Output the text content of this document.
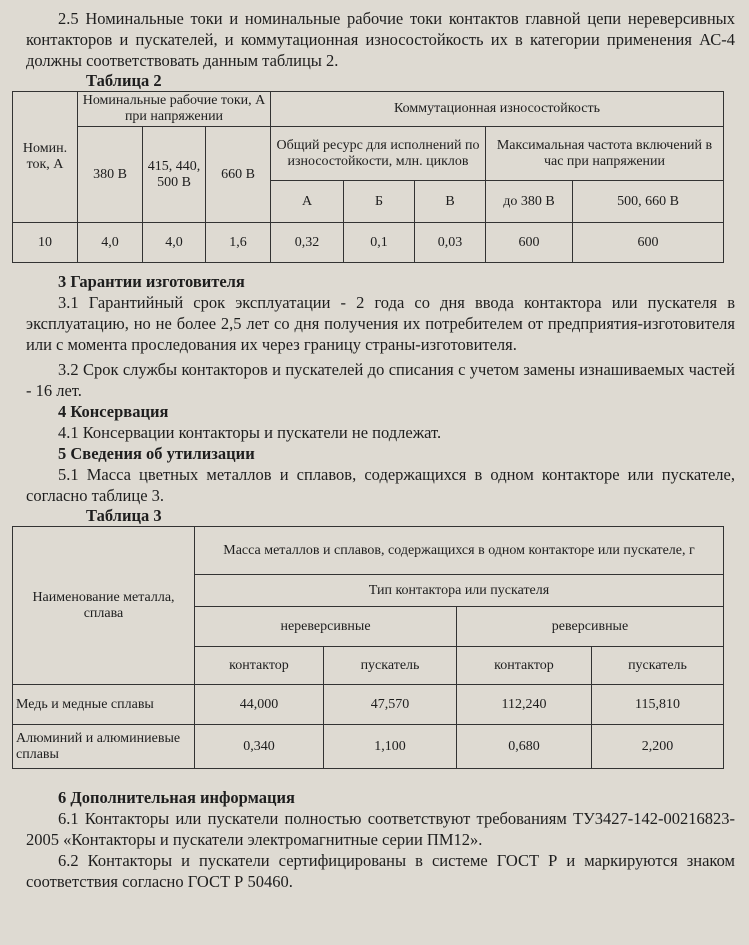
2.5 Номинальные токи и номинальные рабочие токи контактов главной цепи нереверсивных контакторов и пускателей, и коммутационная износостойкость их в категории применения АС-4 должны соответствовать данным таблицы 2.

Таблица 2
Номин. ток, А	Номинальные рабочие токи, А при напряжении			Коммутационная износостойкость				
	380 В	415, 440, 500 В	660 В	Общий ресурс для исполнений по износостойкости, млн. циклов			Максимальная частота включений в час при напряжении	
				А	Б	В	до 380 В	500, 660 В
10	4,0	4,0	1,6	0,32	0,1	0,03	600	600
3 Гарантии изготовителя

3.1 Гарантийный срок эксплуатации - 2 года со дня ввода контактора или пускателя в эксплуатацию, но не более 2,5 лет со дня получения их потребителем от предприятия-изготовителя или с момента проследования их через границу страны-изготовителя.

3.2 Срок службы контакторов и пускателей до списания с учетом замены изнашиваемых частей - 16 лет.

4 Консервация

4.1 Консервации контакторы и пускатели не подлежат.

5 Сведения об утилизации

5.1 Масса цветных металлов и сплавов, содержащихся в одном контакторе или пускателе, согласно таблице 3.

Таблица 3
Наименование металла, сплава	Масса металлов и сплавов, содержащихся в одном контакторе или пускателе, г			
	Тип контактора или пускателя			
	нереверсивные		реверсивные	
	контактор	пускатель	контактор	пускатель
Медь и медные сплавы	44,000	47,570	112,240	115,810
Алюминий и алюминиевые сплавы	0,340	1,100	0,680	2,200
6 Дополнительная информация

6.1 Контакторы или пускатели полностью соответствуют требованиям ТУ3427-142-00216823-2005 «Контакторы и пускатели электромагнитные серии ПМ12».

6.2 Контакторы и пускатели сертифицированы в системе ГОСТ Р и маркируются знаком соответствия согласно ГОСТ Р 50460.
